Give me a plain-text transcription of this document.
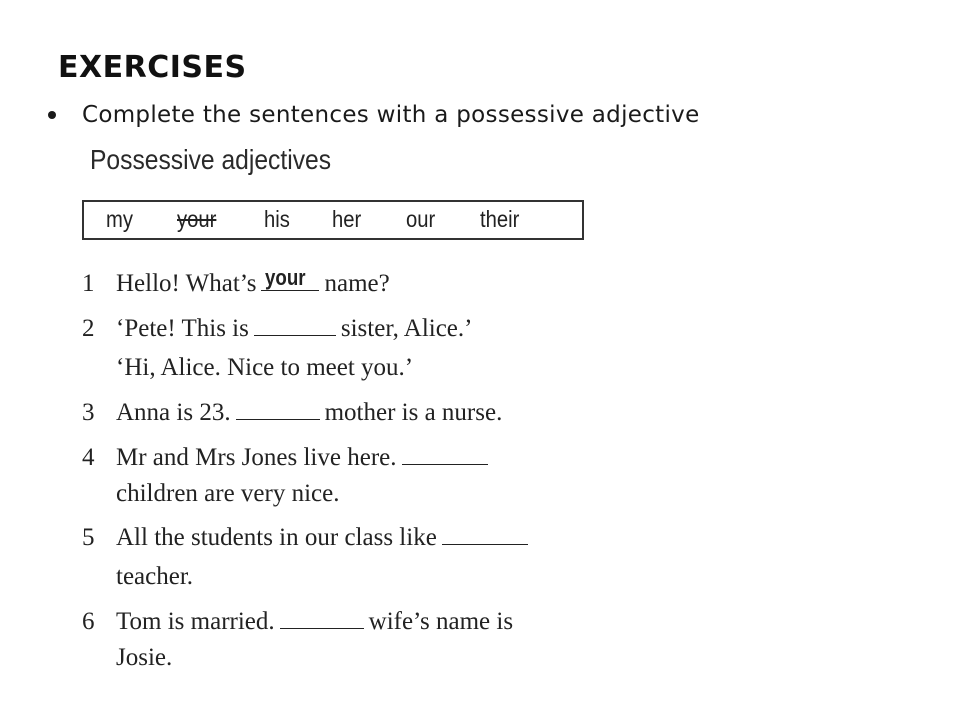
EXERCISES
Complete the sentences with a possessive adjective
Possessive adjectives
my your his her our their
1 Hello! What’s your name?
2 ‘Pete! This is	sister, Alice.’
‘Hi, Alice. Nice to meet you.’
3 Anna is 23.	mother is a nurse.
4 Mr and Mrs Jones live here.
children are very nice.
5 All the students in our class like
teacher.
6 Tom is married.	wife’s name is
Josie.
